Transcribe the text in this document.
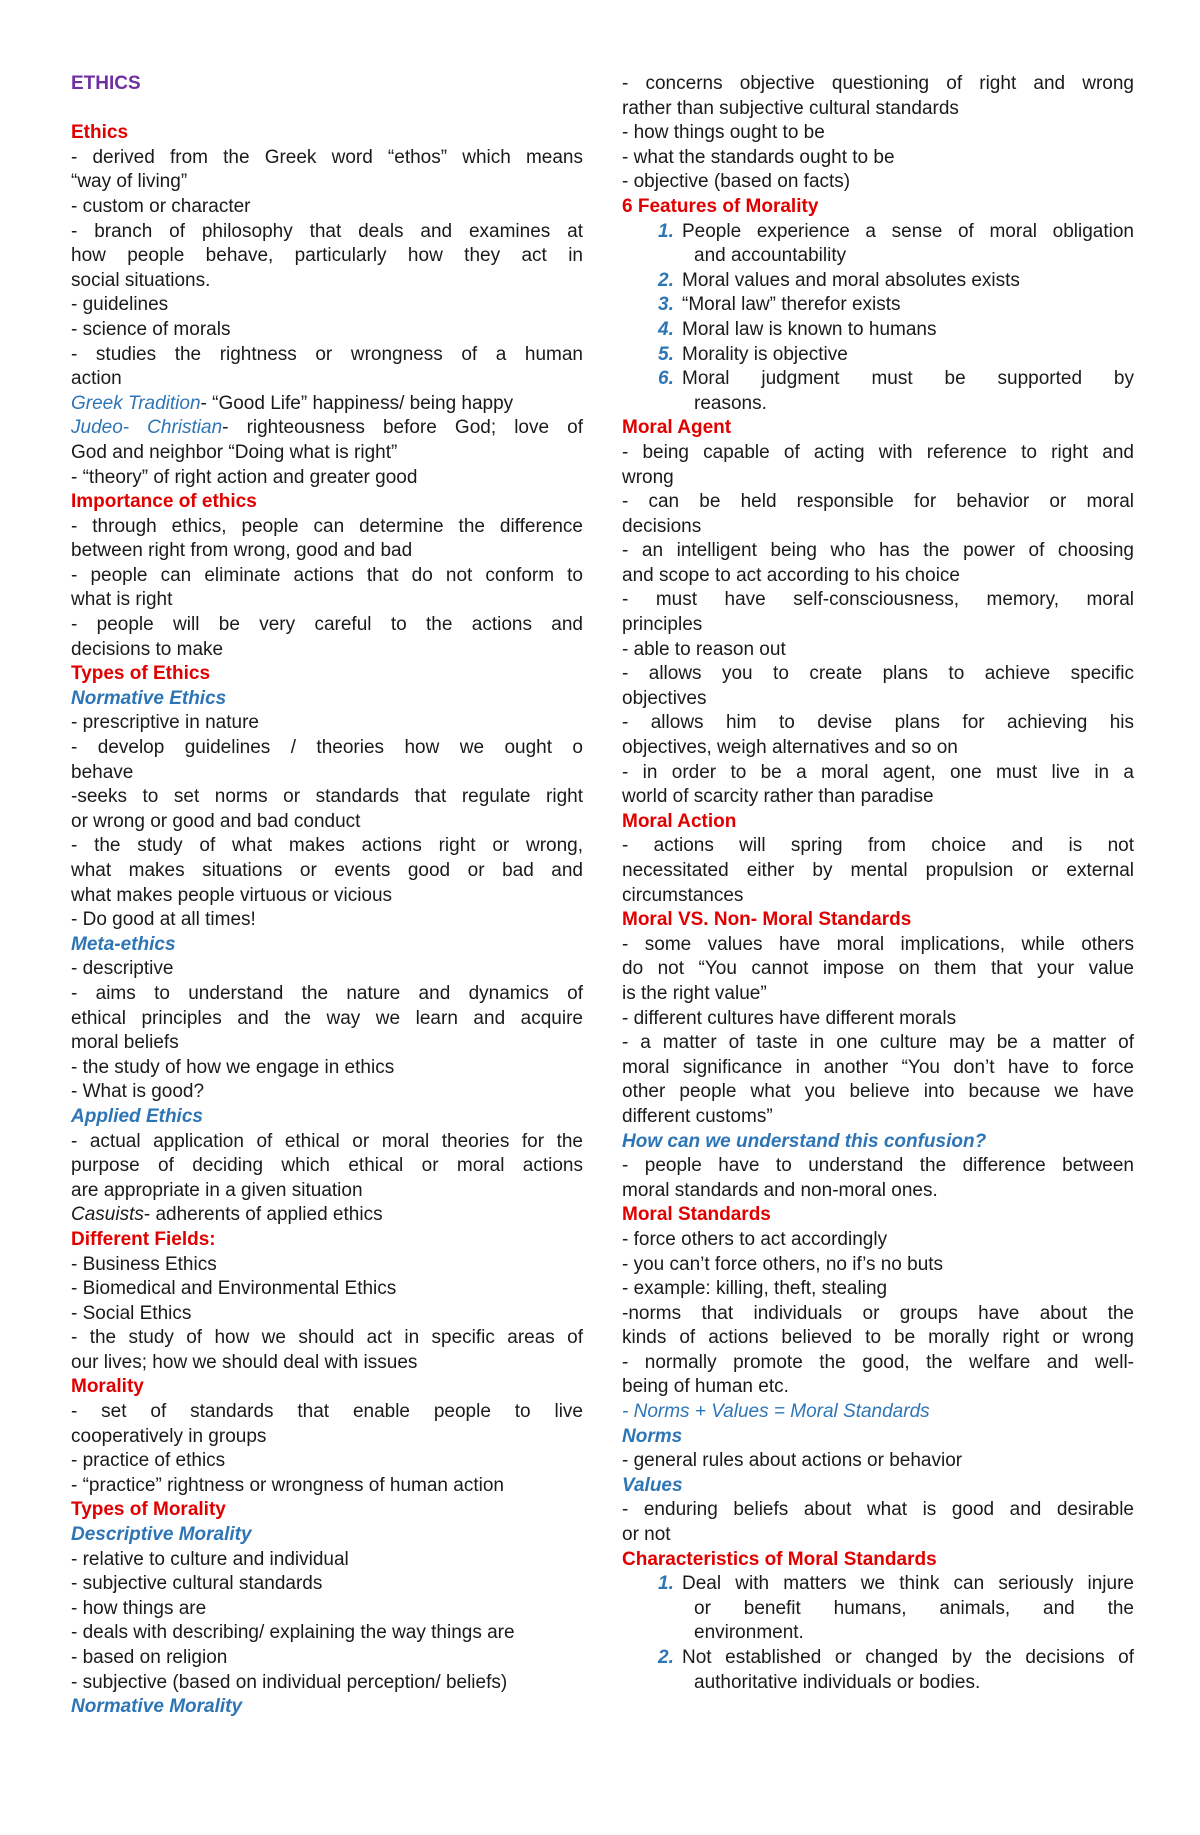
ETHICS
Ethics
- derived from the Greek word “ethos” which means
“way of living”
- custom or character
- branch of philosophy that deals and examines at
how people behave, particularly how they act in
social situations.
- guidelines
- science of morals
- studies the rightness or wrongness of a human
action
Greek Tradition- “Good Life” happiness/ being happy
Judeo- Christian- righteousness before God; love of
God and neighbor “Doing what is right”
- “theory” of right action and greater good
Importance of ethics
- through ethics, people can determine the difference
between right from wrong, good and bad
- people can eliminate actions that do not conform to
what is right
- people will be very careful to the actions and
decisions to make
Types of Ethics
Normative Ethics
- prescriptive in nature
- develop guidelines / theories how we ought o
behave
-seeks to set norms or standards that regulate right
or wrong or good and bad conduct
- the study of what makes actions right or wrong,
what makes situations or events good or bad and
what makes people virtuous or vicious
- Do good at all times!
Meta-ethics
- descriptive
- aims to understand the nature and dynamics of
ethical principles and the way we learn and acquire
moral beliefs
- the study of how we engage in ethics
- What is good?
Applied Ethics
- actual application of ethical or moral theories for the
purpose of deciding which ethical or moral actions
are appropriate in a given situation
Casuists- adherents of applied ethics
Different Fields:
- Business Ethics
- Biomedical and Environmental Ethics
- Social Ethics
- the study of how we should act in specific areas of
our lives; how we should deal with issues
Morality
- set of standards that enable people to live
cooperatively in groups
- practice of ethics
- “practice” rightness or wrongness of human action
Types of Morality
Descriptive Morality
- relative to culture and individual
- subjective cultural standards
- how things are
- deals with describing/ explaining the way things are
- based on religion
- subjective (based on individual perception/ beliefs)
Normative Morality
- concerns objective questioning of right and wrong
rather than subjective cultural standards
- how things ought to be
- what the standards ought to be
- objective (based on facts)
6 Features of Morality
1. People experience a sense of moral obligation
and accountability
2. Moral values and moral absolutes exists
3. “Moral law” therefor exists
4. Moral law is known to humans
5. Morality is objective
6. Moral judgment must be supported by
reasons.
Moral Agent
- being capable of acting with reference to right and
wrong
- can be held responsible for behavior or moral
decisions
- an intelligent being who has the power of choosing
and scope to act according to his choice
- must have self-consciousness, memory, moral
principles
- able to reason out
- allows you to create plans to achieve specific
objectives
- allows him to devise plans for achieving his
objectives, weigh alternatives and so on
- in order to be a moral agent, one must live in a
world of scarcity rather than paradise
Moral Action
- actions will spring from choice and is not
necessitated either by mental propulsion or external
circumstances
Moral VS. Non- Moral Standards
- some values have moral implications, while others
do not “You cannot impose on them that your value
is the right value”
- different cultures have different morals
- a matter of taste in one culture may be a matter of
moral significance in another “You don’t have to force
other people what you believe into because we have
different customs”
How can we understand this confusion?
- people have to understand the difference between
moral standards and non-moral ones.
Moral Standards
- force others to act accordingly
- you can’t force others, no if’s no buts
- example: killing, theft, stealing
-norms that individuals or groups have about the
kinds of actions believed to be morally right or wrong
- normally promote the good, the welfare and well-
being of human etc.
- Norms + Values = Moral Standards
Norms
- general rules about actions or behavior
Values
- enduring beliefs about what is good and desirable
or not
Characteristics of Moral Standards
1. Deal with matters we think can seriously injure
or benefit humans, animals, and the
environment.
2. Not established or changed by the decisions of
authoritative individuals or bodies.
